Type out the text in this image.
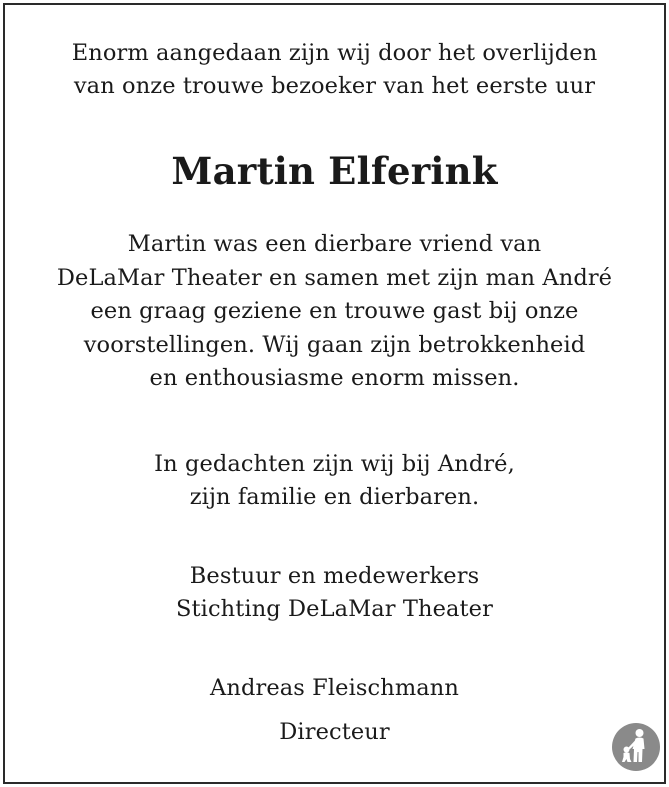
Enorm aangedaan zijn wij door het overlijden
van onze trouwe bezoeker van het eerste uur
Martin Elferink
Martin was een dierbare vriend van
DeLaMar Theater en samen met zijn man André
een graag geziene en trouwe gast bij onze
voorstellingen. Wij gaan zijn betrokkenheid
en enthousiasme enorm missen.
In gedachten zijn wij bij André,
zijn familie en dierbaren.
Bestuur en medewerkers
Stichting DeLaMar Theater
Andreas Fleischmann
Directeur
